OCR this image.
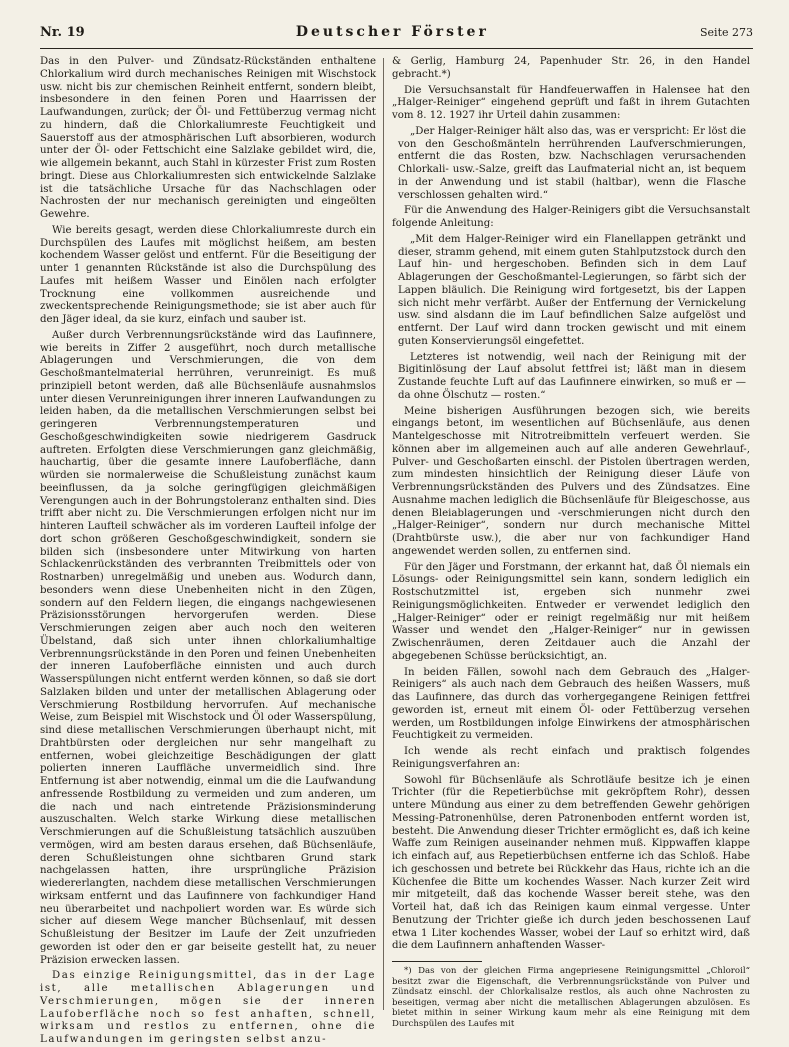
Nr. 19	Deutscher Förster	Seite 273

Das in den Pulver- und Zündsatz-Rückständen enthaltene Chlorkalium wird durch mechanisches Reinigen mit Wischstock usw. nicht bis zur chemischen Reinheit entfernt, sondern bleibt, insbesondere in den feinen Poren und Haarrissen der Laufwandungen, zurück; der Öl- und Fettüberzug vermag nicht zu hindern, daß die Chlorkaliumreste Feuchtigkeit und Sauerstoff aus der atmosphärischen Luft absorbieren, wodurch unter der Öl- oder Fettschicht eine Salzlake gebildet wird, die, wie allgemein bekannt, auch Stahl in kürzester Frist zum Rosten bringt. Diese aus Chlorkaliumresten sich entwickelnde Salzlake ist die tatsächliche Ursache für das Nachschlagen oder Nachrosten der nur mechanisch gereinigten und eingeölten Gewehre.

Wie bereits gesagt, werden diese Chlorkaliumreste durch ein Durchspülen des Laufes mit möglichst heißem, am besten kochendem Wasser gelöst und entfernt. Für die Beseitigung der unter 1 genannten Rückstände ist also die Durchspülung des Laufes mit heißem Wasser und Einölen nach erfolgter Trocknung eine vollkommen ausreichende und zweckentsprechende Reinigungsmethode; sie ist aber auch für den Jäger ideal, da sie kurz, einfach und sauber ist.

Außer durch Verbrennungsrückstände wird das Laufinnere, wie bereits in Ziffer 2 ausgeführt, noch durch metallische Ablagerungen und Verschmierungen, die von dem Geschoßmantelmaterial herrühren, verunreinigt. Es muß prinzipiell betont werden, daß alle Büchsenläufe ausnahmslos unter diesen Verunreinigungen ihrer inneren Laufwandungen zu leiden haben, da die metallischen Verschmierungen selbst bei geringeren Verbrennungstemperaturen und Geschoßgeschwindigkeiten sowie niedrigerem Gasdruck auftreten. Erfolgten diese Verschmierungen ganz gleichmäßig, hauchartig, über die gesamte innere Laufoberfläche, dann würden sie normalerweise die Schußleistung zunächst kaum beeinflussen, da ja solche geringfügigen gleichmäßigen Verengungen auch in der Bohrungstoleranz enthalten sind. Dies trifft aber nicht zu. Die Verschmierungen erfolgen nicht nur im hinteren Laufteil schwächer als im vorderen Laufteil infolge der dort schon größeren Geschoßgeschwindigkeit, sondern sie bilden sich (insbesondere unter Mitwirkung von harten Schlackenrückständen des verbrannten Treibmittels oder von Rostnarben) unregelmäßig und uneben aus. Wodurch dann, besonders wenn diese Unebenheiten nicht in den Zügen, sondern auf den Feldern liegen, die eingangs nachgewiesenen Präzisionsstörungen hervorgerufen werden. Diese Verschmierungen zeigen aber auch noch den weiteren Übelstand, daß sich unter ihnen chlorkaliumhaltige Verbrennungsrückstände in den Poren und feinen Unebenheiten der inneren Laufoberfläche einnisten und auch durch Wasserspülungen nicht entfernt werden können, so daß sie dort Salzlaken bilden und unter der metallischen Ablagerung oder Verschmierung Rostbildung hervorrufen. Auf mechanische Weise, zum Beispiel mit Wischstock und Öl oder Wasserspülung, sind diese metallischen Verschmierungen überhaupt nicht, mit Drahtbürsten oder dergleichen nur sehr mangelhaft zu entfernen, wobei gleichzeitige Beschädigungen der glatt polierten inneren Lauffläche unvermeidlich sind. Ihre Entfernung ist aber notwendig, einmal um die die Laufwandung anfressende Rostbildung zu vermeiden und zum anderen, um die nach und nach eintretende Präzisionsminderung auszuschalten. Welch starke Wirkung diese metallischen Verschmierungen auf die Schußleistung tatsächlich auszuüben vermögen, wird am besten daraus ersehen, daß Büchsenläufe, deren Schußleistungen ohne sichtbaren Grund stark nachgelassen hatten, ihre ursprüngliche Präzision wiedererlangten, nachdem diese metallischen Verschmierungen wirksam entfernt und das Laufinnere von fachkundiger Hand neu überarbeitet und nachpoliert worden war. Es würde sich sicher auf diesem Wege mancher Büchsenlauf, mit dessen Schußleistung der Besitzer im Laufe der Zeit unzufrieden geworden ist oder den er gar beiseite gestellt hat, zu neuer Präzision erwecken lassen.

Das einzige Reinigungsmittel, das in der Lage ist, alle metallischen Ablagerungen und Verschmierungen, mögen sie der inneren Laufoberfläche noch so fest anhaften, schnell, wirksam und restlos zu entfernen, ohne die Laufwandungen im geringsten selbst anzu-

& Gerlig, Hamburg 24, Papenhuder Str. 26, in den Handel gebracht.*)

Die Versuchsanstalt für Handfeuerwaffen in Halensee hat den „Halger-Reiniger“ eingehend geprüft und faßt in ihrem Gutachten vom 8. 12. 1927 ihr Urteil dahin zusammen:

„Der Halger-Reiniger hält also das, was er verspricht: Er löst die von den Geschoßmänteln herrührenden Laufverschmierungen, entfernt die das Rosten, bzw. Nachschlagen verursachenden Chlorkali- usw.-Salze, greift das Laufmaterial nicht an, ist bequem in der Anwendung und ist stabil (haltbar), wenn die Flasche verschlossen gehalten wird.“

Für die Anwendung des Halger-Reinigers gibt die Versuchsanstalt folgende Anleitung:

„Mit dem Halger-Reiniger wird ein Flanellappen getränkt und dieser, stramm gehend, mit einem guten Stahlputzstock durch den Lauf hin- und hergeschoben. Befinden sich in dem Lauf Ablagerungen der Geschoßmantel-Legierungen, so färbt sich der Lappen bläulich. Die Reinigung wird fortgesetzt, bis der Lappen sich nicht mehr verfärbt. Außer der Entfernung der Vernickelung usw. sind alsdann die im Lauf befindlichen Salze aufgelöst und entfernt. Der Lauf wird dann trocken gewischt und mit einem guten Konservierungsöl eingefettet.

Letzteres ist notwendig, weil nach der Reinigung mit der Bigitinlösung der Lauf absolut fettfrei ist; läßt man in diesem Zustande feuchte Luft auf das Laufinnere einwirken, so muß er — da ohne Ölschutz — rosten.“

Meine bisherigen Ausführungen bezogen sich, wie bereits eingangs betont, im wesentlichen auf Büchsenläufe, aus denen Mantelgeschosse mit Nitrotreibmitteln verfeuert werden. Sie können aber im allgemeinen auch auf alle anderen Gewehrlauf-, Pulver- und Geschoßarten einschl. der Pistolen übertragen werden, zum mindesten hinsichtlich der Reinigung dieser Läufe von Verbrennungsrückständen des Pulvers und des Zündsatzes. Eine Ausnahme machen lediglich die Büchsenläufe für Bleigeschosse, aus denen Bleiablagerungen und -verschmierungen nicht durch den „Halger-Reiniger“, sondern nur durch mechanische Mittel (Drahtbürste usw.), die aber nur von fachkundiger Hand angewendet werden sollen, zu entfernen sind.

Für den Jäger und Forstmann, der erkannt hat, daß Öl niemals ein Lösungs- oder Reinigungsmittel sein kann, sondern lediglich ein Rostschutzmittel ist, ergeben sich nunmehr zwei Reinigungsmöglichkeiten. Entweder er verwendet lediglich den „Halger-Reiniger“ oder er reinigt regelmäßig nur mit heißem Wasser und wendet den „Halger-Reiniger“ nur in gewissen Zwischenräumen, deren Zeitdauer auch die Anzahl der abgegebenen Schüsse berücksichtigt, an.

In beiden Fällen, sowohl nach dem Gebrauch des „Halger-Reinigers“ als auch nach dem Gebrauch des heißen Wassers, muß das Laufinnere, das durch das vorhergegangene Reinigen fettfrei geworden ist, erneut mit einem Öl- oder Fettüberzug versehen werden, um Rostbildungen infolge Einwirkens der atmosphärischen Feuchtigkeit zu vermeiden.

Ich wende als recht einfach und praktisch folgendes Reinigungsverfahren an:

Sowohl für Büchsenläufe als Schrotläufe besitze ich je einen Trichter (für die Repetierbüchse mit gekröpftem Rohr), dessen untere Mündung aus einer zu dem betreffenden Gewehr gehörigen Messing-Patronenhülse, deren Patronenboden entfernt worden ist, besteht. Die Anwendung dieser Trichter ermöglicht es, daß ich keine Waffe zum Reinigen auseinander nehmen muß. Kippwaffen klappe ich einfach auf, aus Repetierbüchsen entferne ich das Schloß. Habe ich geschossen und betrete bei Rückkehr das Haus, richte ich an die Küchenfee die Bitte um kochendes Wasser. Nach kurzer Zeit wird mir mitgeteilt, daß das kochende Wasser bereit stehe, was den Vorteil hat, daß ich das Reinigen kaum einmal vergesse. Unter Benutzung der Trichter gieße ich durch jeden beschossenen Lauf etwa 1 Liter kochendes Wasser, wobei der Lauf so erhitzt wird, daß die dem Laufinnern anhaftenden Wasser-

*) Das von der gleichen Firma angepriesene Reinigungsmittel „Chloroil“ besitzt zwar die Eigenschaft, die Verbrennungsrückstände von Pulver und Zündsatz einschl. der Chlorkalisalze restlos, als auch ohne Nachrosten zu beseitigen, vermag aber nicht die metallischen Ablagerungen abzulösen. Es bietet mithin in seiner Wirkung kaum mehr als eine Reinigung mit dem Durchspülen des Laufes mit
